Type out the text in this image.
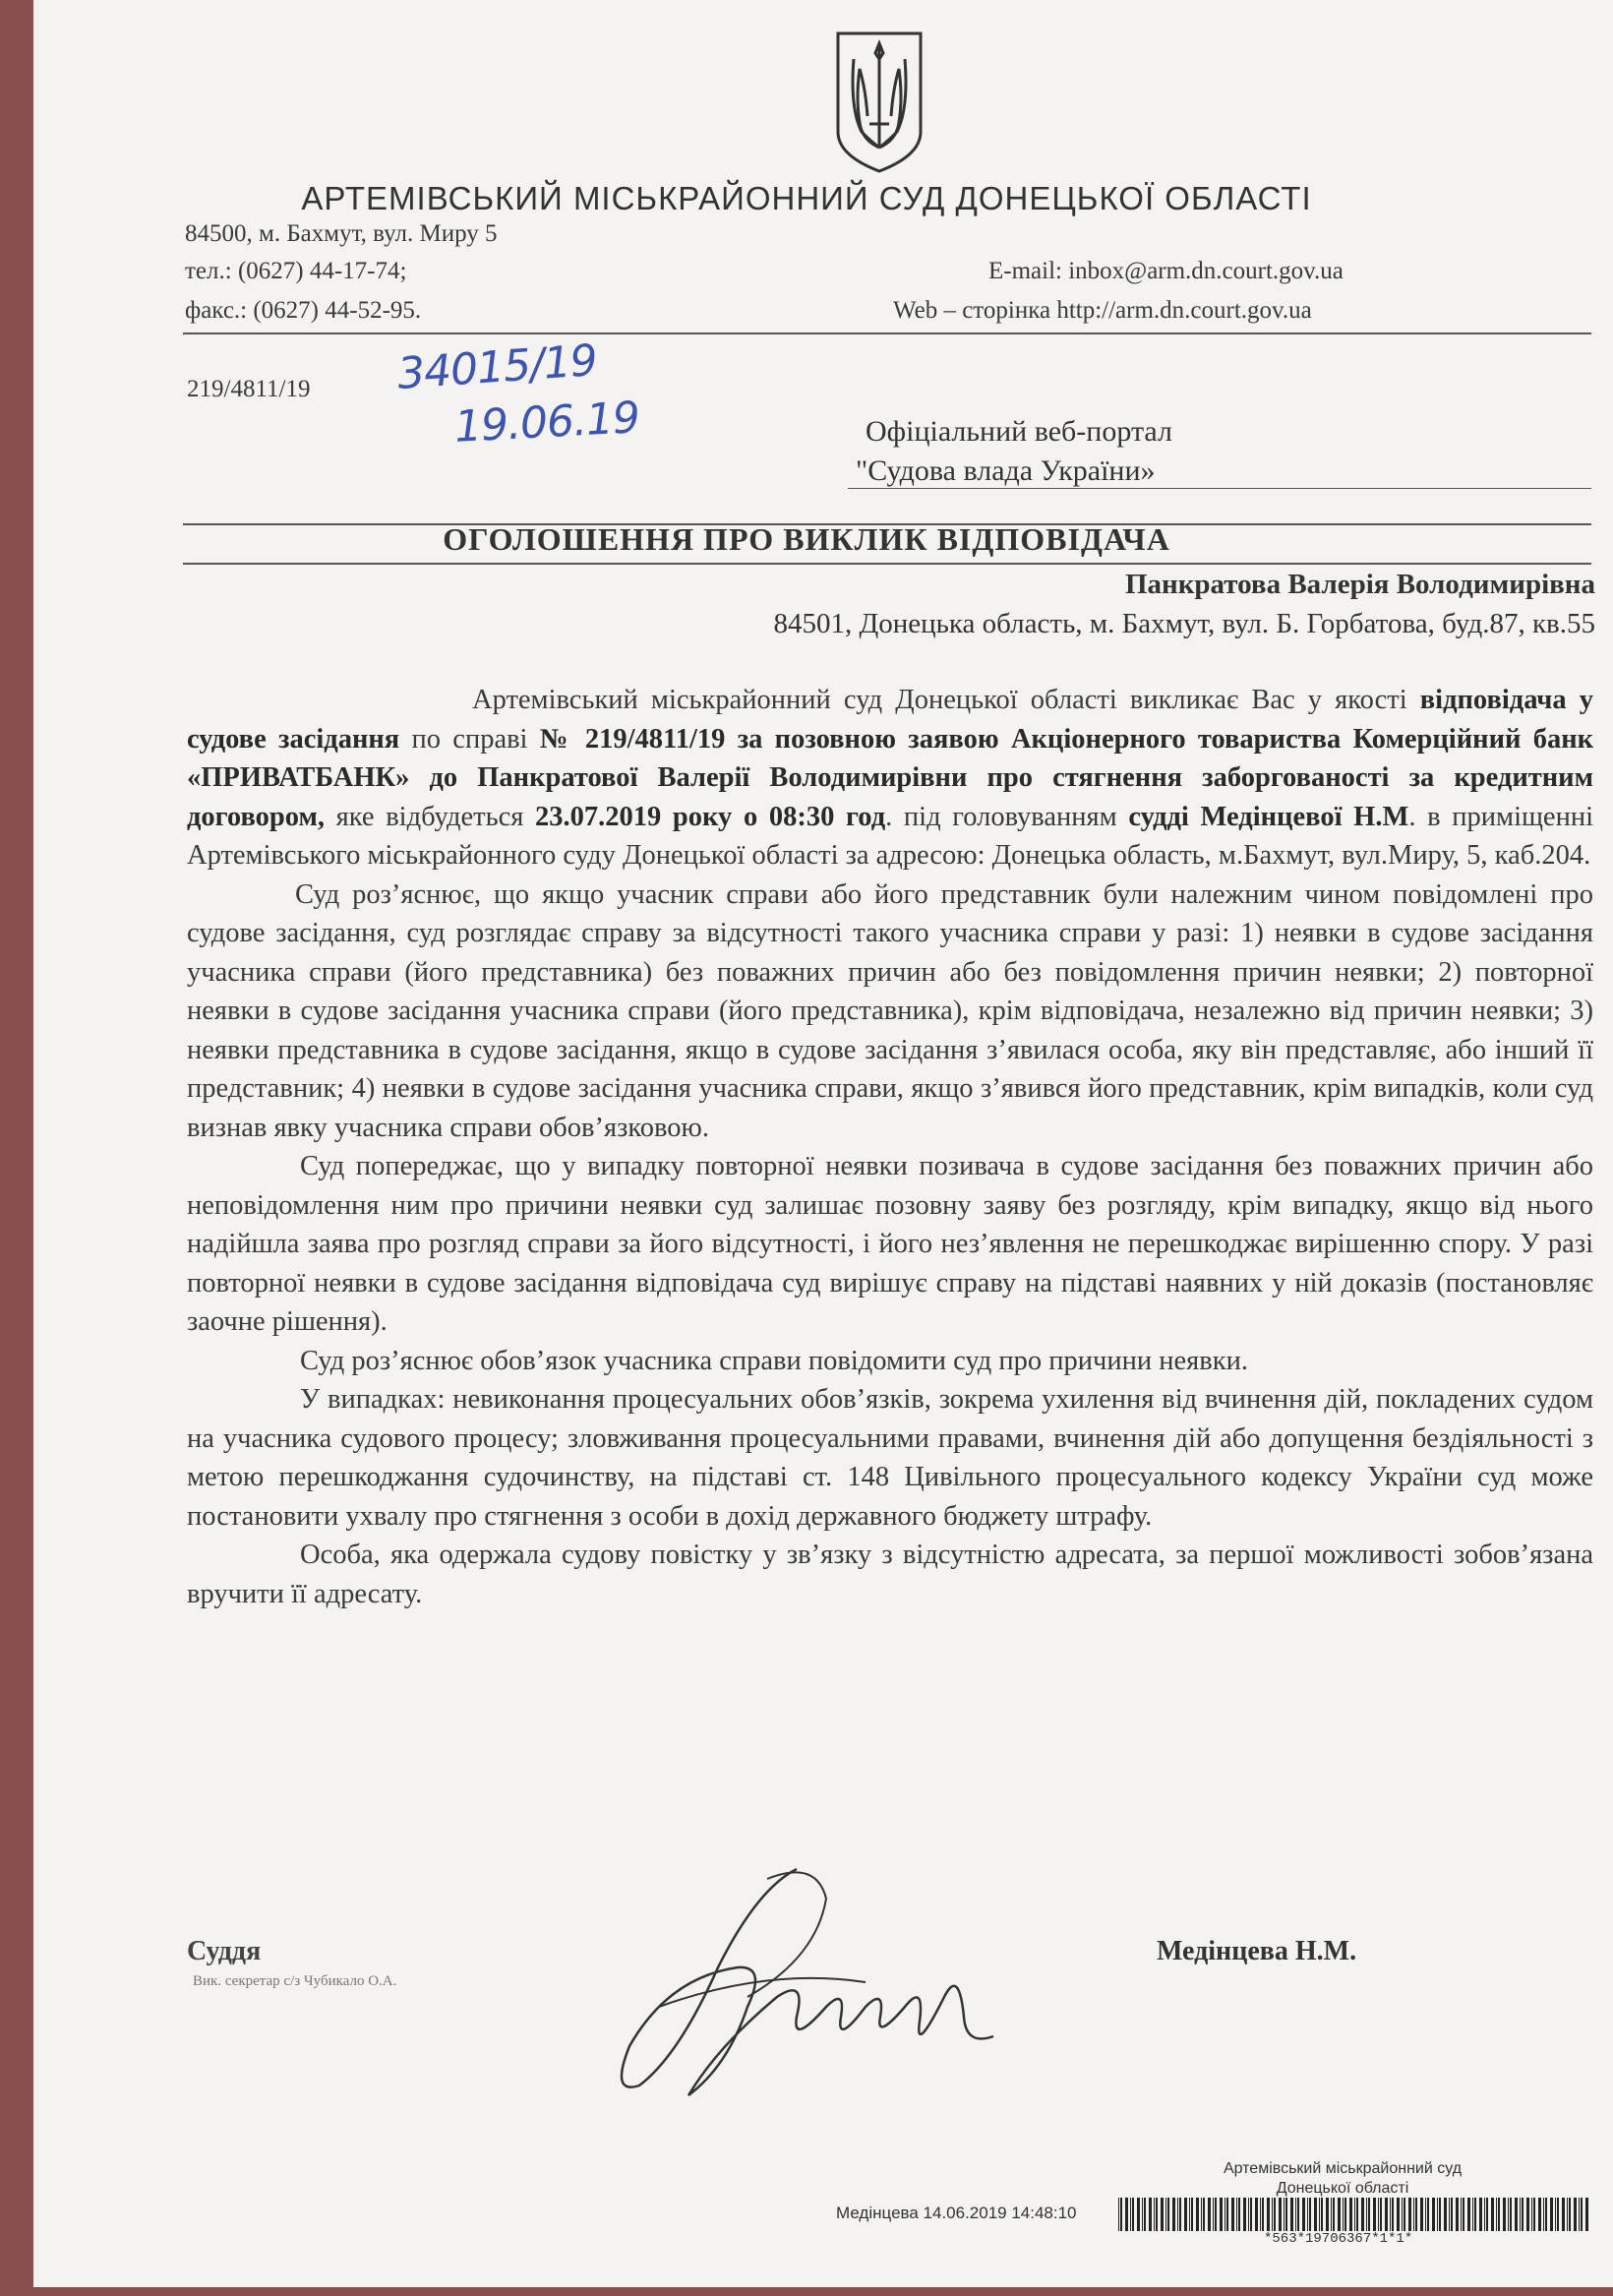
АРТЕМІВСЬКИЙ МІСЬКРАЙОННИЙ СУД ДОНЕЦЬКОЇ ОБЛАСТІ
84500, м. Бахмут, вул. Миру 5
тел.: (0627) 44-17-74;
факс.: (0627) 44-52-95.
E-mail: inbox@arm.dn.court.gov.ua
Web – сторінка http://arm.dn.court.gov.ua
219/4811/19 34015/19
19.06.19	Офіціальний веб-портал
"Судова влада України»
ОГОЛОШЕННЯ ПРО ВИКЛИК ВІДПОВІДАЧА
Панкратова Валерія Володимирівна
84501, Донецька область, м. Бахмут, вул. Б. Горбатова, буд.87, кв.55

Артемівський міськрайонний суд Донецької області викликає Вас у якості відповідача у судове засідання по справі № 219/4811/19 за позовною заявою Акціонерного товариства Комерційний банк «ПРИВАТБАНК» до Панкратової Валерії Володимирівни про стягнення заборгованості за кредитним договором, яке відбудеться 23.07.2019 року о 08:30 год. під головуванням судді Медінцевої Н.М. в приміщенні Артемівського міськрайонного суду Донецької області за адресою: Донецька область, м.Бахмут, вул.Миру, 5, каб.204.

Суд роз’яснює, що якщо учасник справи або його представник були належним чином повідомлені про судове засідання, суд розглядає справу за відсутності такого учасника справи у разі: 1) неявки в судове засідання учасника справи (його представника) без поважних причин або без повідомлення причин неявки; 2) повторної неявки в судове засідання учасника справи (його представника), крім відповідача, незалежно від причин неявки; 3) неявки представника в судове засідання, якщо в судове засідання з’явилася особа, яку він представляє, або інший її представник; 4) неявки в судове засідання учасника справи, якщо з’явився його представник, крім випадків, коли суд визнав явку учасника справи обов’язковою.

Суд попереджає, що у випадку повторної неявки позивача в судове засідання без поважних причин або неповідомлення ним про причини неявки суд залишає позовну заяву без розгляду, крім випадку, якщо від нього надійшла заява про розгляд справи за його відсутності, і його нез’явлення не перешкоджає вирішенню спору. У разі повторної неявки в судове засідання відповідача суд вирішує справу на підставі наявних у ній доказів (постановляє заочне рішення).

Суд роз’яснює обов’язок учасника справи повідомити суд про причини неявки.

У випадках: невиконання процесуальних обов’язків, зокрема ухилення від вчинення дій, покладених судом на учасника судового процесу; зловживання процесуальними правами, вчинення дій або допущення бездіяльності з метою перешкоджання судочинству, на підставі ст. 148 Цивільного процесуального кодексу України суд може постановити ухвалу про стягнення з особи в дохід державного бюджету штрафу.

Особа, яка одержала судову повістку у зв’язку з відсутністю адресата, за першої можливості зобов’язана вручити її адресату.

Суддя
Вик. секретар с/з Чубикало О.А.
Медінцева Н.М.
Артемівський міськрайонний суд
Донецької області
Медінцева 14.06.2019 14:48:10
*563*19706367*1*1*
